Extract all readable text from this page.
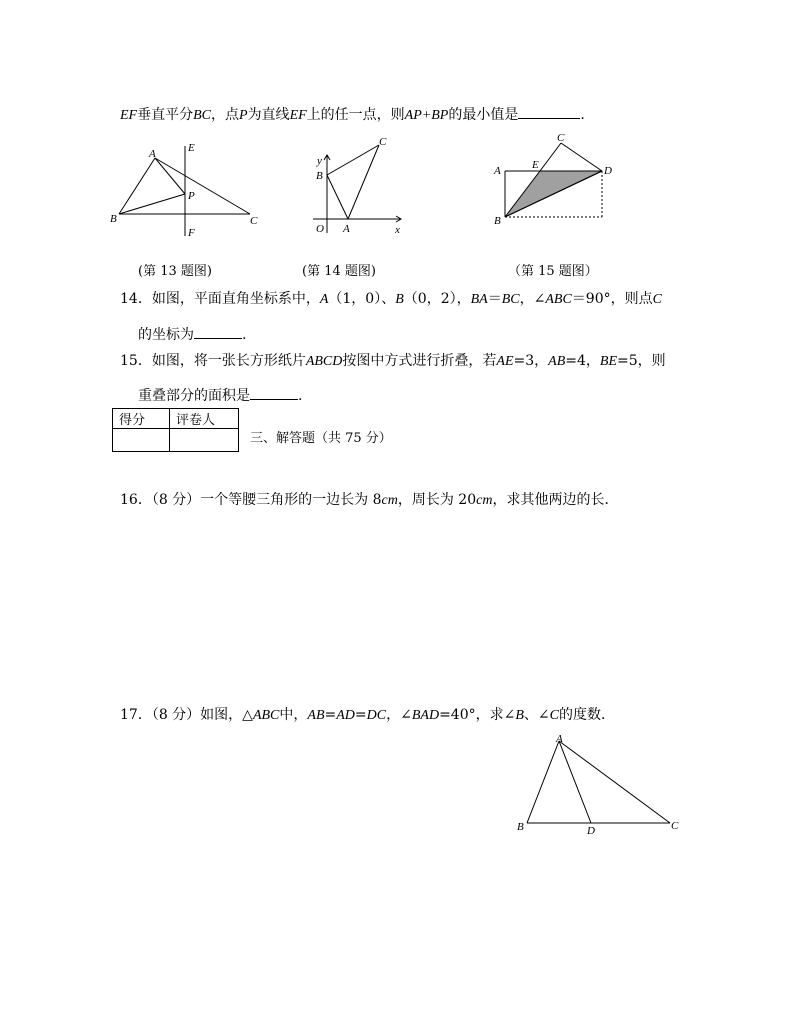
EF垂直平分BC，点P为直线EF上的任一点，则AP+BP的最小值是	.
A
B	C
E
F
P
y
B
C
O A	x
A
B
C
D
E
(第 13 题图)	(第 14 题图)	（第 15 题图）
14．如图，平面直角坐标系中，A（1，0）、B（0，2），BA＝BC，∠ABC＝90°，则点C
的坐标为	.
15．如图，将一张长方形纸片ABCD按图中方式进行折叠，若AE=3，AB=4，BE=5，则
重叠部分的面积是	.
得分	评卷人

三、解答题（共 75 分）
16．（8 分）一个等腰三角形的一边长为 8cm，周长为 20cm，求其他两边的长．
17．（8 分）如图，△ABC中，AB=AD=DC，∠BAD=40°，求∠B、∠C的度数．
A
B	C
D
